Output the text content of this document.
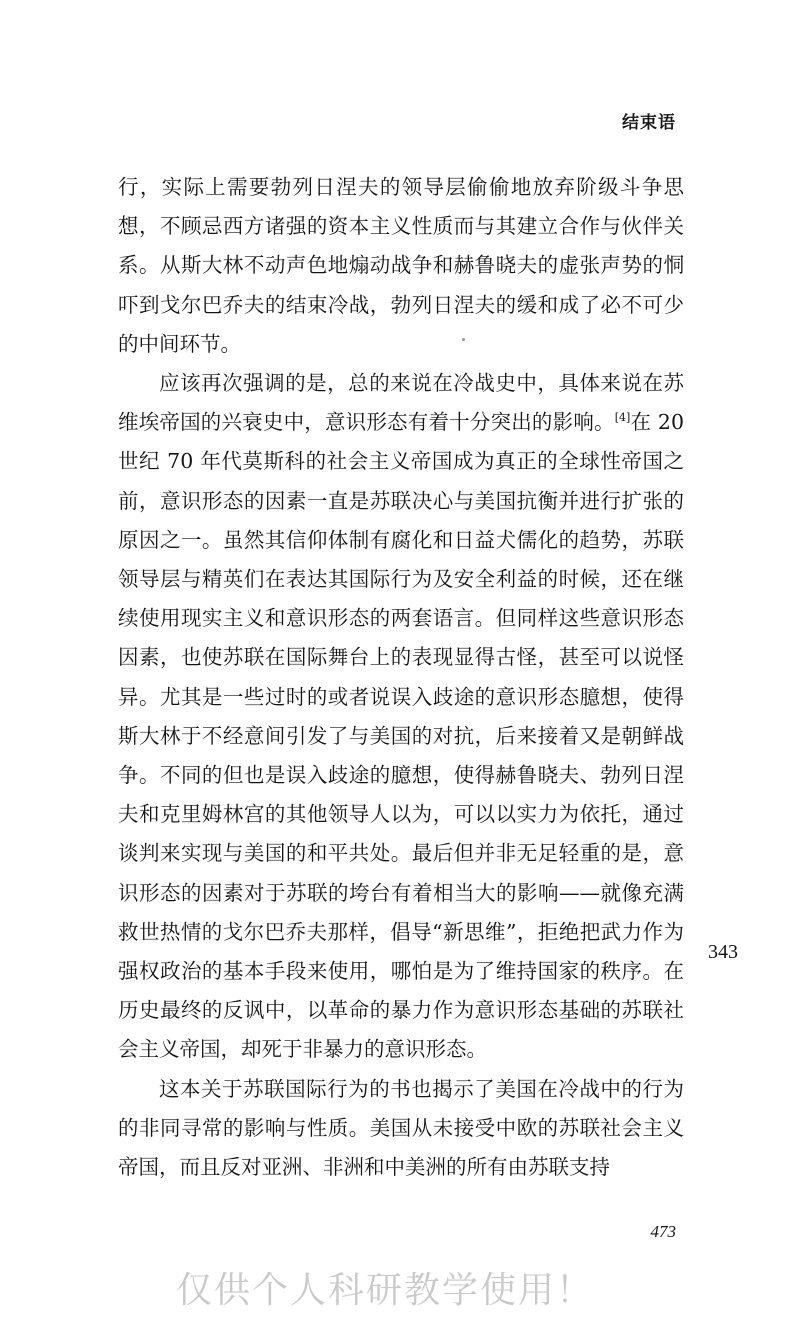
结束语

行，实际上需要勃列日涅夫的领导层偷偷地放弃阶级斗争思想，不顾忌西方诸强的资本主义性质而与其建立合作与伙伴关系。从斯大林不动声色地煽动战争和赫鲁晓夫的虚张声势的恫吓到戈尔巴乔夫的结束冷战，勃列日涅夫的缓和成了必不可少的中间环节。

应该再次强调的是，总的来说在冷战史中，具体来说在苏维埃帝国的兴衰史中，意识形态有着十分突出的影响。[4]在 20 世纪 70 年代莫斯科的社会主义帝国成为真正的全球性帝国之前，意识形态的因素一直是苏联决心与美国抗衡并进行扩张的原因之一。虽然其信仰体制有腐化和日益犬儒化的趋势，苏联领导层与精英们在表达其国际行为及安全利益的时候，还在继续使用现实主义和意识形态的两套语言。但同样这些意识形态因素，也使苏联在国际舞台上的表现显得古怪，甚至可以说怪异。尤其是一些过时的或者说误入歧途的意识形态臆想，使得斯大林于不经意间引发了与美国的对抗，后来接着又是朝鲜战争。不同的但也是误入歧途的臆想，使得赫鲁晓夫、勃列日涅夫和克里姆林宫的其他领导人以为，可以以实力为依托，通过谈判来实现与美国的和平共处。最后但并非无足轻重的是，意识形态的因素对于苏联的垮台有着相当大的影响——就像充满救世热情的戈尔巴乔夫那样，倡导“新思维”，拒绝把武力作为强权政治的基本手段来使用，哪怕是为了维持国家的秩序。在历史最终的反讽中，以革命的暴力作为意识形态基础的苏联社会主义帝国，却死于非暴力的意识形态。

这本关于苏联国际行为的书也揭示了美国在冷战中的行为的非同寻常的影响与性质。美国从未接受中欧的苏联社会主义帝国，而且反对亚洲、非洲和中美洲的所有由苏联支持

343
473
仅供个人科研教学使用！
